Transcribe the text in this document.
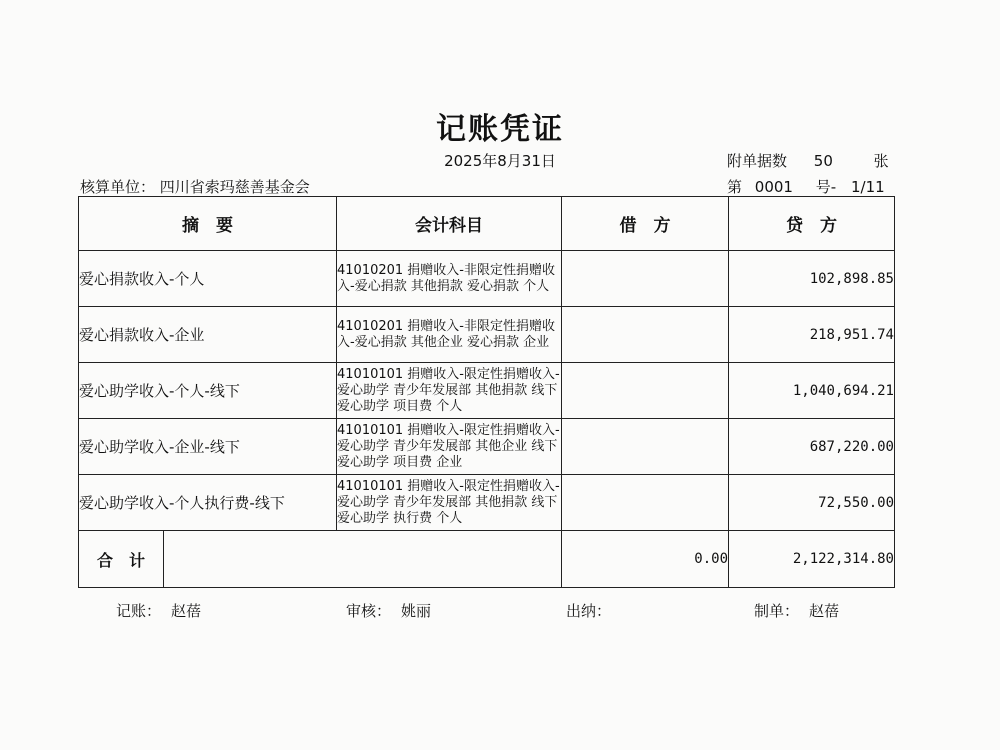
记账凭证
2025年8月31日	附单据数 50	张
核算单位： 四川省索玛慈善基金会	第 0001 号- 1/11
摘　要		会计科目	借　方	贷　方
爱心捐款收入-个人		41010201 捐赠收入-非限定性捐赠收入-爱心捐款 其他捐款 爱心捐款 个人		102,898.85
爱心捐款收入-企业		41010201 捐赠收入-非限定性捐赠收入-爱心捐款 其他企业 爱心捐款 企业		218,951.74
爱心助学收入-个人-线下		41010101 捐赠收入-限定性捐赠收入-爱心助学 青少年发展部 其他捐款 线下爱心助学 项目费 个人		1,040,694.21
爱心助学收入-企业-线下		41010101 捐赠收入-限定性捐赠收入-爱心助学 青少年发展部 其他企业 线下爱心助学 项目费 企业		687,220.00
爱心助学收入-个人执行费-线下		41010101 捐赠收入-限定性捐赠收入-爱心助学 青少年发展部 其他捐款 线下爱心助学 执行费 个人		72,550.00
合　计			0.00	2,122,314.80
记账： 赵蓓	审核： 姚丽	出纳：	制单： 赵蓓
